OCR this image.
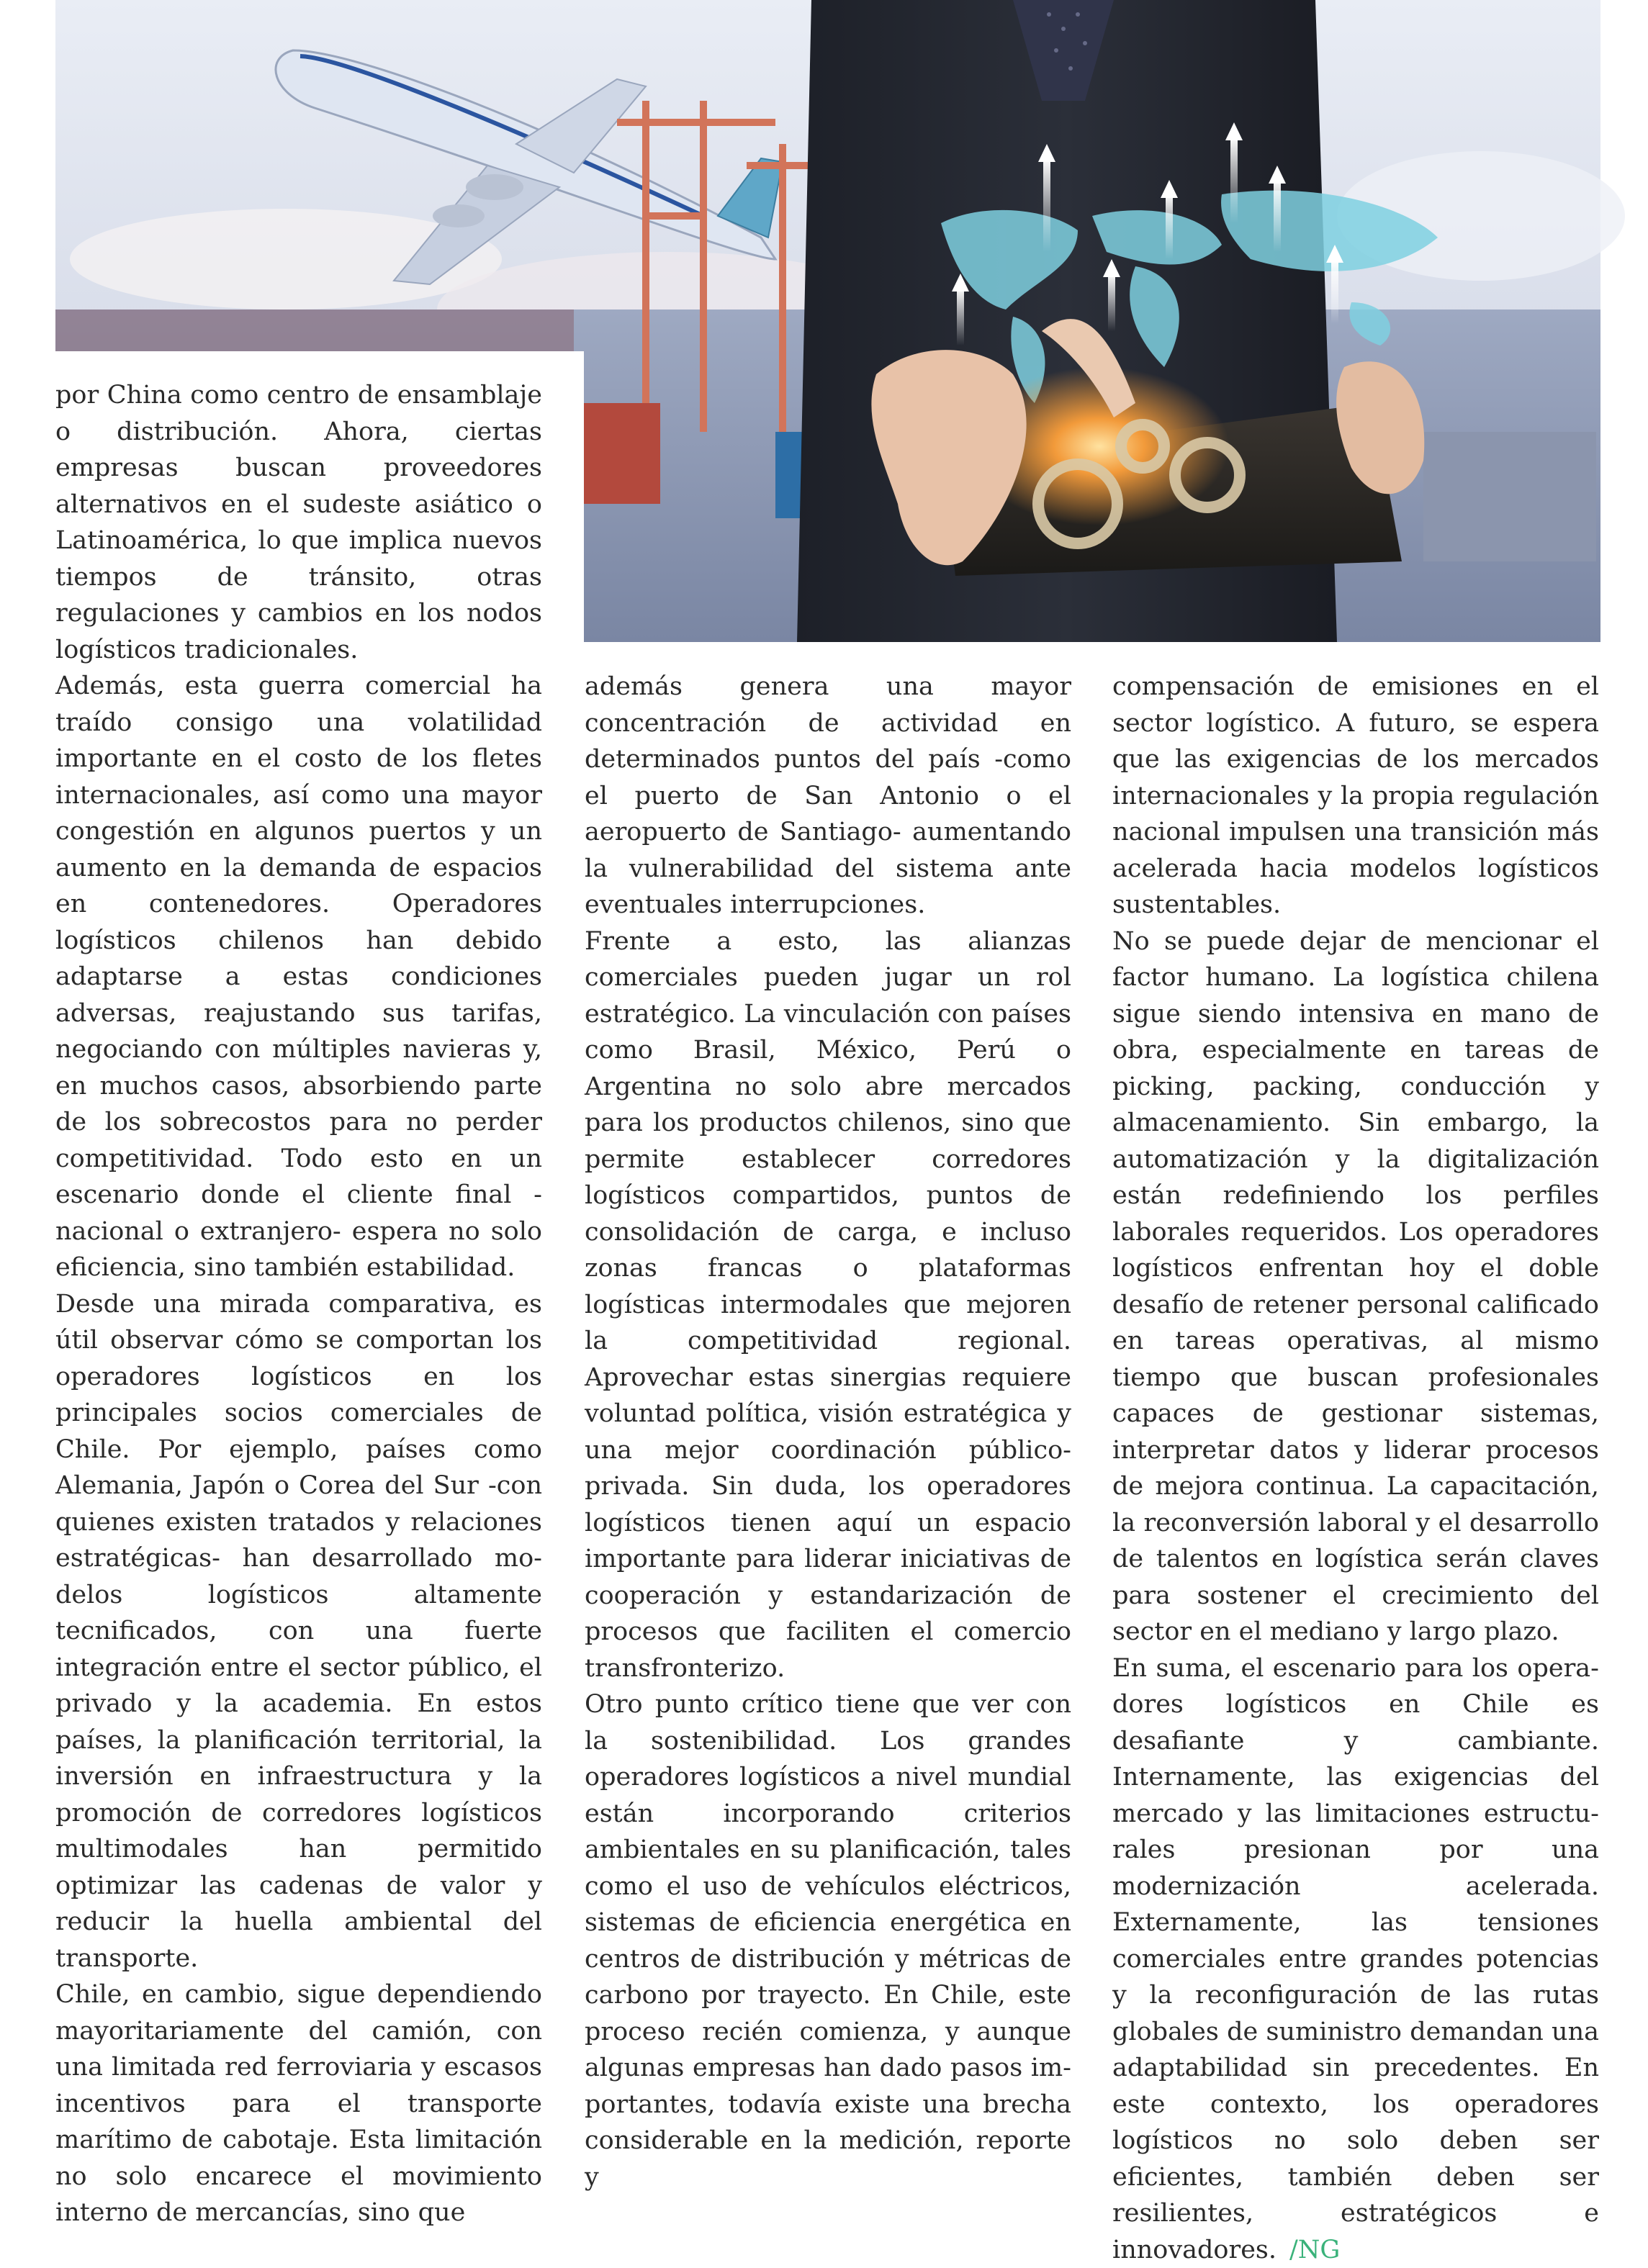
por China como centro de ensamblaje o distribución. Ahora, ciertas empresas buscan proveedores alternativos en el sudeste asiático o Latinoamérica, lo que implica nuevos tiempos de tránsito, otras regulaciones y cambios en los nodos logísticos tradicionales.

Además, esta guerra comercial ha traído consigo una volatilidad importante en el costo de los fletes internacionales, así como una mayor congestión en algunos puertos y un aumento en la demanda de espacios en contenedores. Operadores logísticos chilenos han debido adaptarse a estas condiciones adversas, reajustando sus tarifas, negociando con múltiples navieras y, en muchos casos, absorbiendo parte de los sobrecostos para no perder competitividad. Todo esto en un escenario donde el cliente final -nacional o extranjero- espera no solo eficiencia, sino también estabilidad.

Desde una mirada comparativa, es útil observar cómo se comportan los operadores logísticos en los principales socios comerciales de Chile. Por ejemplo, países como Alemania, Japón o Corea del Sur -con quienes existen tratados y relaciones estratégicas- han desarrollado modelos logísticos altamente tecnificados, con una fuerte integración entre el sector público, el privado y la academia. En estos países, la planificación territorial, la inversión en infraestructura y la promoción de corredores logísticos multimodales han permitido optimizar las cadenas de valor y reducir la huella ambiental del transporte.

Chile, en cambio, sigue dependiendo mayoritariamente del camión, con una limitada red ferroviaria y escasos incentivos para el transporte marítimo de cabotaje. Esta limitación no solo encarece el movimiento interno de mercancías, sino que

además genera una mayor concentración de actividad en determinados puntos del país -como el puerto de San Antonio o el aeropuerto de Santiago- aumentando la vulnerabilidad del sistema ante eventuales interrupciones.

Frente a esto, las alianzas comerciales pueden jugar un rol estratégico. La vinculación con países como Brasil, México, Perú o Argentina no solo abre mercados para los productos chilenos, sino que permite establecer corredores logísticos compartidos, puntos de consolidación de carga, e incluso zonas francas o plataformas logísticas intermodales que mejoren la competitividad regional. Aprovechar estas sinergias requiere voluntad política, visión estratégica y una mejor coordinación público-privada. Sin duda, los operadores logísticos tienen aquí un espacio importante para liderar iniciativas de cooperación y estandarización de procesos que faciliten el comercio transfronterizo.

Otro punto crítico tiene que ver con la sostenibilidad. Los grandes operadores logísticos a nivel mundial están incorporando criterios ambientales en su planificación, tales como el uso de vehículos eléctricos, sistemas de eficiencia energética en centros de distribución y métricas de carbono por trayecto. En Chile, este proceso recién comienza, y aunque algunas empresas han dado pasos importantes, todavía existe una brecha considerable en la medición, reporte y

compensación de emisiones en el sector logístico. A futuro, se espera que las exigencias de los mercados internacionales y la propia regulación nacional impulsen una transición más acelerada hacia modelos logísticos sustentables.

No se puede dejar de mencionar el factor humano. La logística chilena sigue siendo intensiva en mano de obra, especialmente en tareas de picking, packing, conducción y almacenamiento. Sin embargo, la automatización y la digitalización están redefiniendo los perfiles laborales requeridos. Los operadores logísticos enfrentan hoy el doble desafío de retener personal calificado en tareas operativas, al mismo tiempo que buscan profesionales capaces de gestionar sistemas, interpretar datos y liderar procesos de mejora continua. La capacitación, la reconversión laboral y el desarrollo de talentos en logística serán claves para sostener el crecimiento del sector en el mediano y largo plazo.

En suma, el escenario para los operadores logísticos en Chile es desafiante y cambiante. Internamente, las exigencias del mercado y las limitaciones estructurales presionan por una modernización acelerada. Externamente, las tensiones comerciales entre grandes potencias y la reconfiguración de las rutas globales de suministro demandan una adaptabilidad sin precedentes. En este contexto, los operadores logísticos no solo deben ser eficientes, también deben ser resilientes, estratégicos e innovadores. /NG
